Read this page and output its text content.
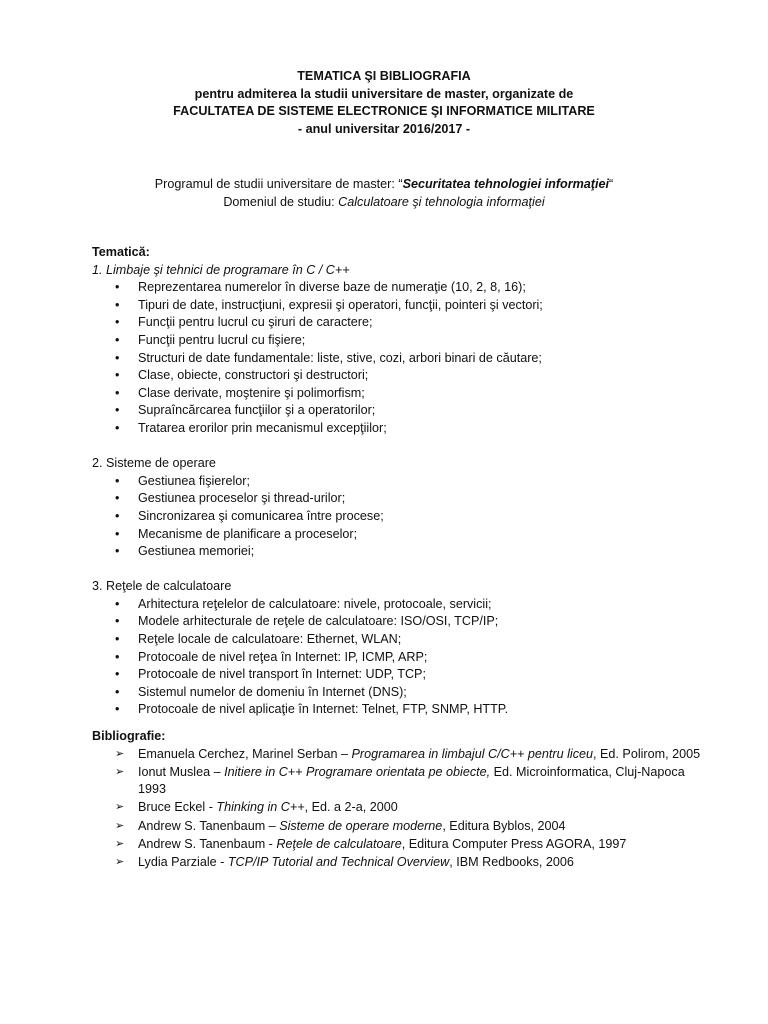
TEMATICA ŞI BIBLIOGRAFIA
pentru admiterea la studii universitare de master, organizate de
FACULTATEA DE SISTEME ELECTRONICE ŞI INFORMATICE MILITARE
- anul universitar 2016/2017 -
Programul de studii universitare de master: “Securitatea tehnologiei informaţiei“
Domeniul de studiu: Calculatoare şi tehnologia informaţiei
Tematică:
1. Limbaje şi tehnici de programare în C / C++
• Reprezentarea numerelor în diverse baze de numeraţie (10, 2, 8, 16);
• Tipuri de date, instrucţiuni, expresii şi operatori, funcţii, pointeri şi vectori;
• Funcţii pentru lucrul cu şiruri de caractere;
• Funcţii pentru lucrul cu fişiere;
• Structuri de date fundamentale: liste, stive, cozi, arbori binari de căutare;
• Clase, obiecte, constructori şi destructori;
• Clase derivate, moştenire şi polimorfism;
• Supraîncărcarea funcţiilor şi a operatorilor;
• Tratarea erorilor prin mecanismul excepţiilor;
2. Sisteme de operare
• Gestiunea fişierelor;
• Gestiunea proceselor şi thread-urilor;
• Sincronizarea şi comunicarea între procese;
• Mecanisme de planificare a proceselor;
• Gestiunea memoriei;
3. Reţele de calculatoare
• Arhitectura reţelelor de calculatoare: nivele, protocoale, servicii;
• Modele arhitecturale de reţele de calculatoare: ISO/OSI, TCP/IP;
• Reţele locale de calculatoare: Ethernet, WLAN;
• Protocoale de nivel reţea în Internet: IP, ICMP, ARP;
• Protocoale de nivel transport în Internet: UDP, TCP;
• Sistemul numelor de domeniu în Internet (DNS);
• Protocoale de nivel aplicaţie în Internet: Telnet, FTP, SNMP, HTTP.
Bibliografie:
➢ Emanuela Cerchez, Marinel Serban – Programarea in limbajul C/C++ pentru liceu, Ed. Polirom, 2005
➢ Ionut Muslea – Initiere in C++ Programare orientata pe obiecte, Ed. Microinformatica, Cluj-Napoca 1993
➢ Bruce Eckel - Thinking in C++, Ed. a 2-a, 2000
➢ Andrew S. Tanenbaum – Sisteme de operare moderne, Editura Byblos, 2004
➢ Andrew S. Tanenbaum - Reţele de calculatoare, Editura Computer Press AGORA, 1997
➢ Lydia Parziale - TCP/IP Tutorial and Technical Overview, IBM Redbooks, 2006
